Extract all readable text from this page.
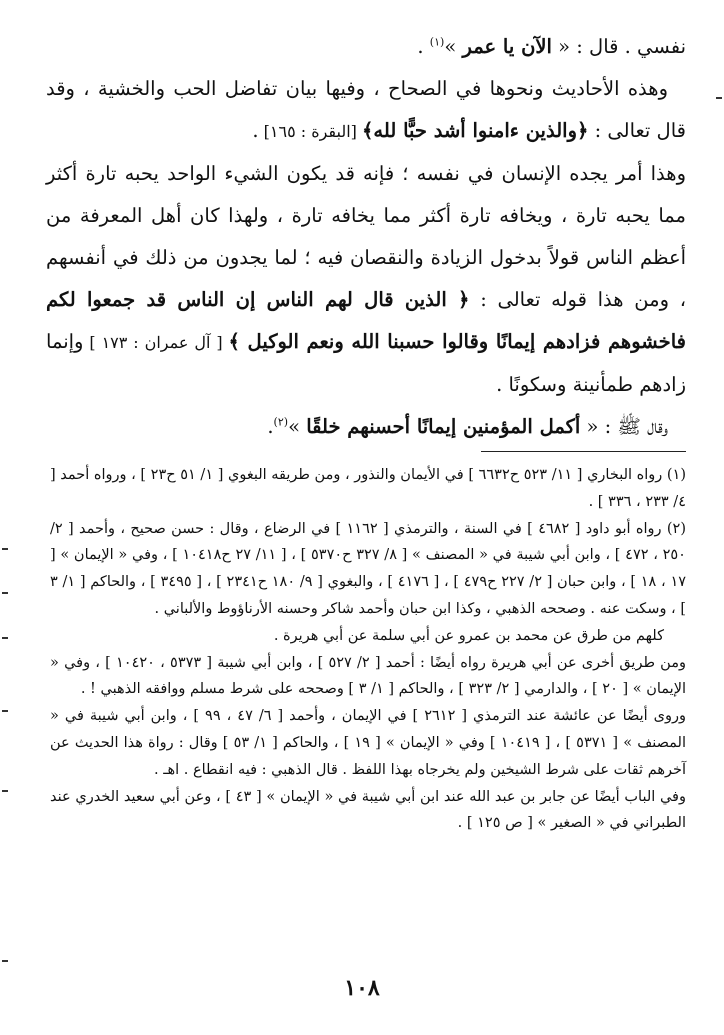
نفسي . قال : « الآن يا عمر »$^{(١)}$ .

وهذه الأحاديث ونحوها في الصحاح ، وفيها بيان تفاضل الحب والخشية ، وقد قال تعالى : ﴿والذين ءامنوا أشد حبًّا لله﴾ [البقرة : ١٦٥] .

وهذا أمر يجده الإنسان في نفسه ؛ فإنه قد يكون الشيء الواحد يحبه تارة أكثر مما يحبه تارة ، ويخافه تارة أكثر مما يخافه تارة ، ولهذا كان أهل المعرفة من أعظم الناس قولاً بدخول الزيادة والنقصان فيه ؛ لما يجدون من ذلك في أنفسهم ، ومن هذا قوله تعالى : ﴿ الذين قال لهم الناس إن الناس قد جمعوا لكم فاخشوهم فزادهم إيمانًا وقالوا حسبنا الله ونعم الوكيل ﴾ [ آل عمران : ١٧٣ ] وإنما زادهم طمأنينة وسكونًا .

وقال ﷺ : « أكمل المؤمنين إيمانًا أحسنهم خلقًا »$^{(٢)}$.

(١) رواه البخاري [ ١١/ ٥٢٣ ح٦٦٣٢ ] في الأيمان والنذور ، ومن طريقه البغوي [ ١/ ٥١ ح٢٣ ] ، ورواه أحمد [ ٤/ ٢٣٣ ، ٣٣٦ ] .

(٢) رواه أبو داود [ ٤٦٨٢ ] في السنة ، والترمذي [ ١١٦٢ ] في الرضاع ، وقال : حسن صحيح ، وأحمد [ ٢/ ٢٥٠ ، ٤٧٢ ] ، وابن أبي شيبة في « المصنف » [ ٨/ ٣٢٧ ح٥٣٧٠ ] ، [ ١١/ ٢٧ ح١٠٤١٨ ] ، وفي « الإيمان » [ ١٧ ، ١٨ ] ، وابن حبان [ ٢/ ٢٢٧ ح٤٧٩ ] ، [ ٤١٧٦ ] ، والبغوي [ ٩/ ١٨٠ ح٢٣٤١ ] ، [ ٣٤٩٥ ] ، والحاكم [ ١/ ٣ ] ، وسكت عنه . وصححه الذهبي ، وكذا ابن حبان وأحمد شاكر وحسنه الأرناؤوط والألباني .

كلهم من طرق عن محمد بن عمرو عن أبي سلمة عن أبي هريرة .

ومن طريق أخرى عن أبي هريرة رواه أيضًا : أحمد [ ٢/ ٥٢٧ ] ، وابن أبي شيبة [ ٥٣٧٣ ، ١٠٤٢٠ ] ، وفي « الإيمان » [ ٢٠ ] ، والدارمي [ ٢/ ٣٢٣ ] ، والحاكم [ ١/ ٣ ] وصححه على شرط مسلم ووافقه الذهبي ! .

وروى أيضًا عن عائشة عند الترمذي [ ٢٦١٢ ] في الإيمان ، وأحمد [ ٦/ ٤٧ ، ٩٩ ] ، وابن أبي شيبة في « المصنف » [ ٥٣٧١ ] ، [ ١٠٤١٩ ] وفي « الإيمان » [ ١٩ ] ، والحاكم [ ١/ ٥٣ ] وقال : رواة هذا الحديث عن آخرهم ثقات على شرط الشيخين ولم يخرجاه بهذا اللفظ . قال الذهبي : فيه انقطاع . اهـ .

وفي الباب أيضًا عن جابر بن عبد الله عند ابن أبي شيبة في « الإيمان » [ ٤٣ ] ، وعن أبي سعيد الخدري عند الطبراني في « الصغير » [ ص ١٢٥ ] .

١٠٨
